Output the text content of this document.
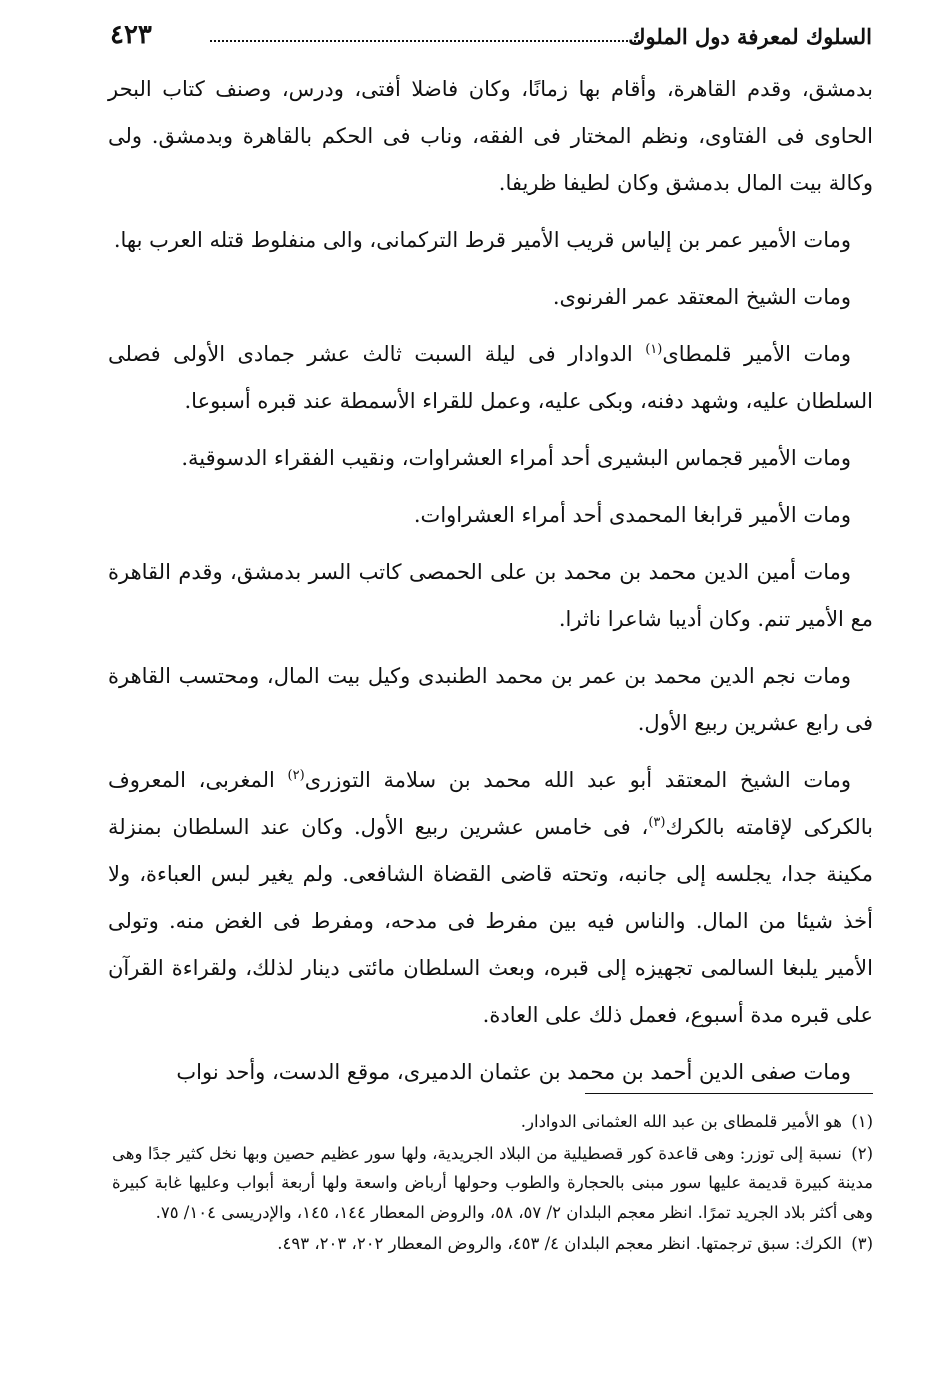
السلوك لمعرفة دول الملوك
٤٢٣

بدمشق، وقدم القاهرة، وأقام بها زمانًا، وكان فاضلا أفتى، ودرس، وصنف كتاب البحر الحاوى فى الفتاوى، ونظم المختار فى الفقه، وناب فى الحكم بالقاهرة وبدمشق. ولى وكالة بيت المال بدمشق وكان لطيفا ظريفا.

ومات الأمير عمر بن إلياس قريب الأمير قرط التركمانى، والى منفلوط قتله العرب بها.

ومات الشيخ المعتقد عمر الفرنوى.

ومات الأمير قلمطاى$^{(١)}$ الدوادار فى ليلة السبت ثالث عشر جمادى الأولى فصلى السلطان عليه، وشهد دفنه، وبكى عليه، وعمل للقراء الأسمطة عند قبره أسبوعا.

ومات الأمير قجماس البشيرى أحد أمراء العشراوات، ونقيب الفقراء الدسوقية.

ومات الأمير قرابغا المحمدى أحد أمراء العشراوات.

ومات أمين الدين محمد بن محمد بن على الحمصى كاتب السر بدمشق، وقدم القاهرة مع الأمير تنم. وكان أديبا شاعرا ناثرا.

ومات نجم الدين محمد بن عمر بن محمد الطنبدى وكيل بيت المال، ومحتسب القاهرة فى رابع عشرين ربيع الأول.

ومات الشيخ المعتقد أبو عبد الله محمد بن سلامة التوزرى$^{(٢)}$ المغربى، المعروف بالكركى لإقامته بالكرك$^{(٣)}$، فى خامس عشرين ربيع الأول. وكان عند السلطان بمنزلة مكينة جدا، يجلسه إلى جانبه، وتحته قاضى القضاة الشافعى. ولم يغير لبس العباءة، ولا أخذ شيئا من المال. والناس فيه بين مفرط فى مدحه، ومفرط فى الغض منه. وتولى الأمير يلبغا السالمى تجهيزه إلى قبره، وبعث السلطان مائتى دينار لذلك، ولقراءة القرآن على قبره مدة أسبوع، فعمل ذلك على العادة.

ومات صفى الدين أحمد بن محمد بن عثمان الدميرى، موقع الدست، وأحد نواب

(١) هو الأمير قلمطاى بن عبد الله العثمانى الدوادار.

(٢) نسبة إلى توزر: وهى قاعدة كور قصطيلية من البلاد الجريدية، ولها سور عظيم حصين وبها نخل كثير جدًا وهى مدينة كبيرة قديمة عليها سور مبنى بالحجارة والطوب وحولها أرباض واسعة ولها أربعة أبواب وعليها غابة كبيرة وهى أكثر بلاد الجريد تمرًا. انظر معجم البلدان ٢/ ٥٧، ٥٨، والروض المعطار ١٤٤، ١٤٥، والإدريسى ١٠٤/ ٧٥.

(٣) الكرك: سبق ترجمتها. انظر معجم البلدان ٤/ ٤٥٣، والروض المعطار ٢٠٢، ٢٠٣، ٤٩٣.
